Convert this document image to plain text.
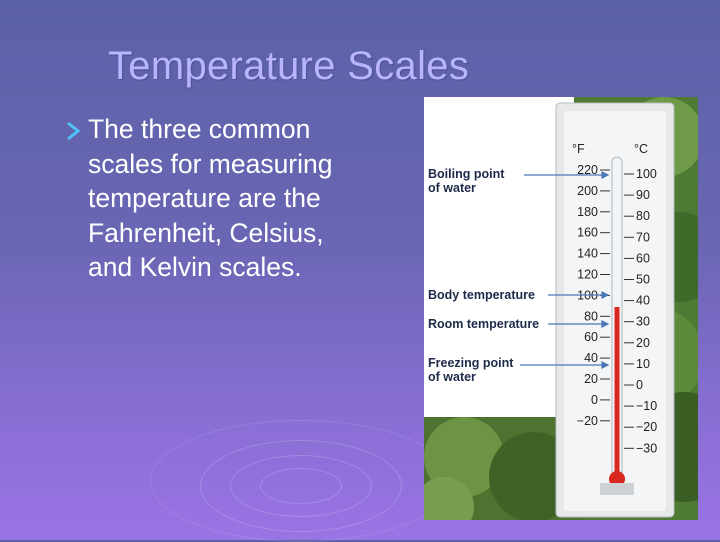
Temperature Scales
The three common scales for measuring temperature are the Fahrenheit, Celsius, and Kelvin scales.
°F	°C
220
200
180
160
140
120
100
80
60
40
20
0
−20
100
90
80
70
60
50
40
30
20
10
0
−10
−20
−30
Boiling point
of water
Body temperature
Room temperature
Freezing point
of water
